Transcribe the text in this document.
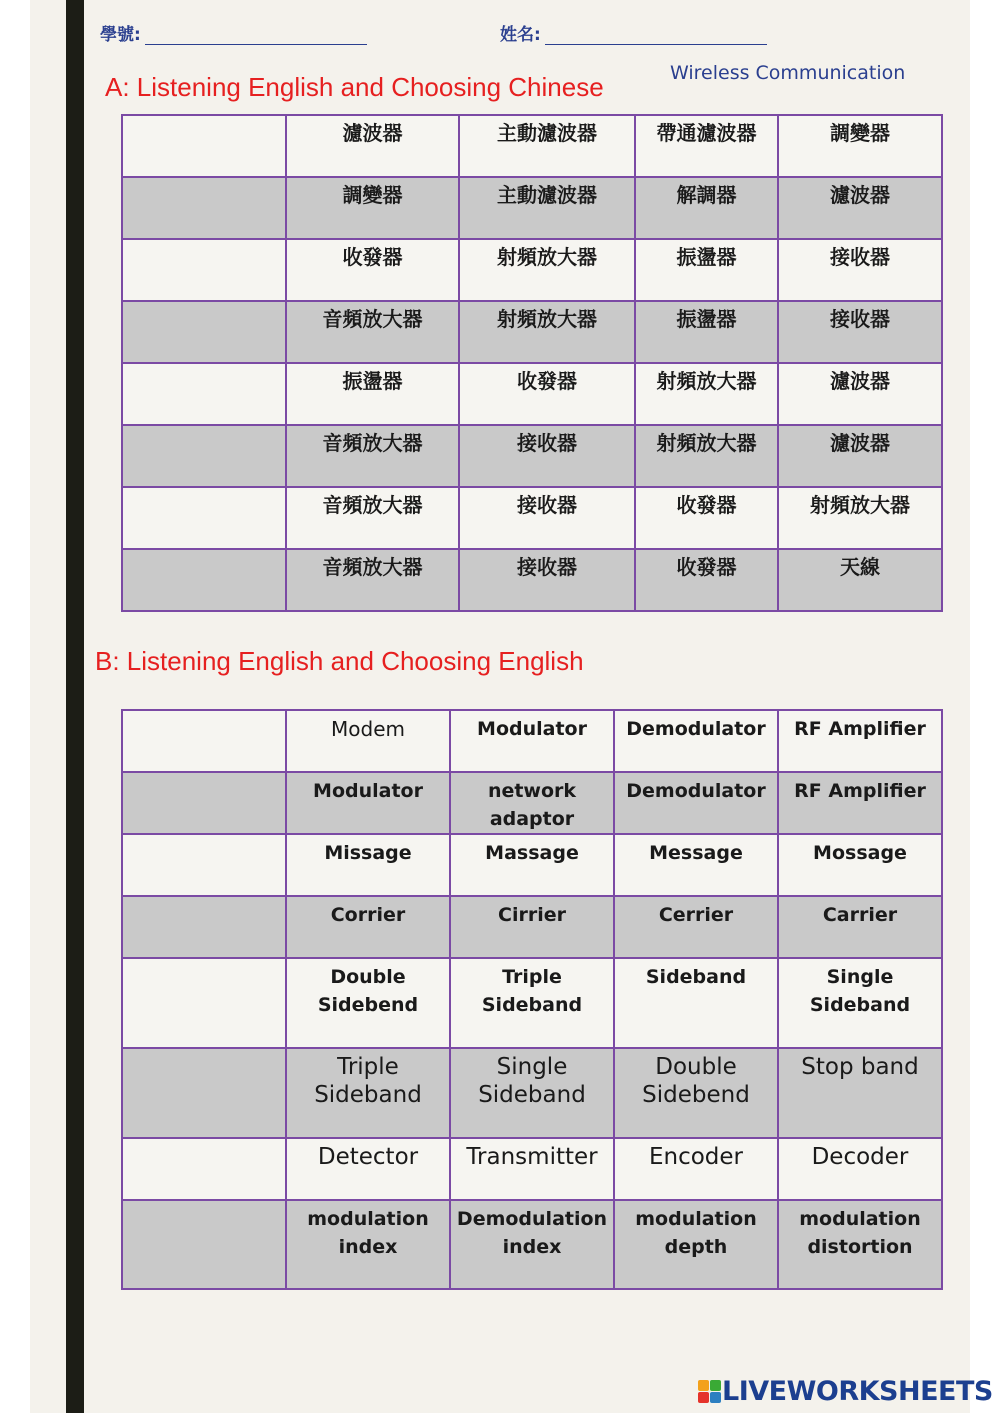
學號:	姓名:
A: Listening English and Choosing Chinese	Wireless Communication
	濾波器	主動濾波器	帶通濾波器	調變器
	調變器	主動濾波器	解調器	濾波器
	收發器	射頻放大器	振盪器	接收器
	音頻放大器	射頻放大器	振盪器	接收器
	振盪器	收發器	射頻放大器	濾波器
	音頻放大器	接收器	射頻放大器	濾波器
	音頻放大器	接收器	收發器	射頻放大器
	音頻放大器	接收器	收發器	天線
B: Listening English and Choosing English
	Modem	Modulator	Demodulator	RF Amplifier
	Modulator	network adaptor	Demodulator	RF Amplifier
	Missage	Massage	Message	Mossage
	Corrier	Cirrier	Cerrier	Carrier
	Double Sidebend	Triple Sideband	Sideband	Single Sideband
	Triple Sideband	Single Sideband	Double Sidebend	Stop band
	Detector	Transmitter	Encoder	Decoder
	modulation index	Demodulation index	modulation depth	modulation distortion
LIVEWORKSHEETS
